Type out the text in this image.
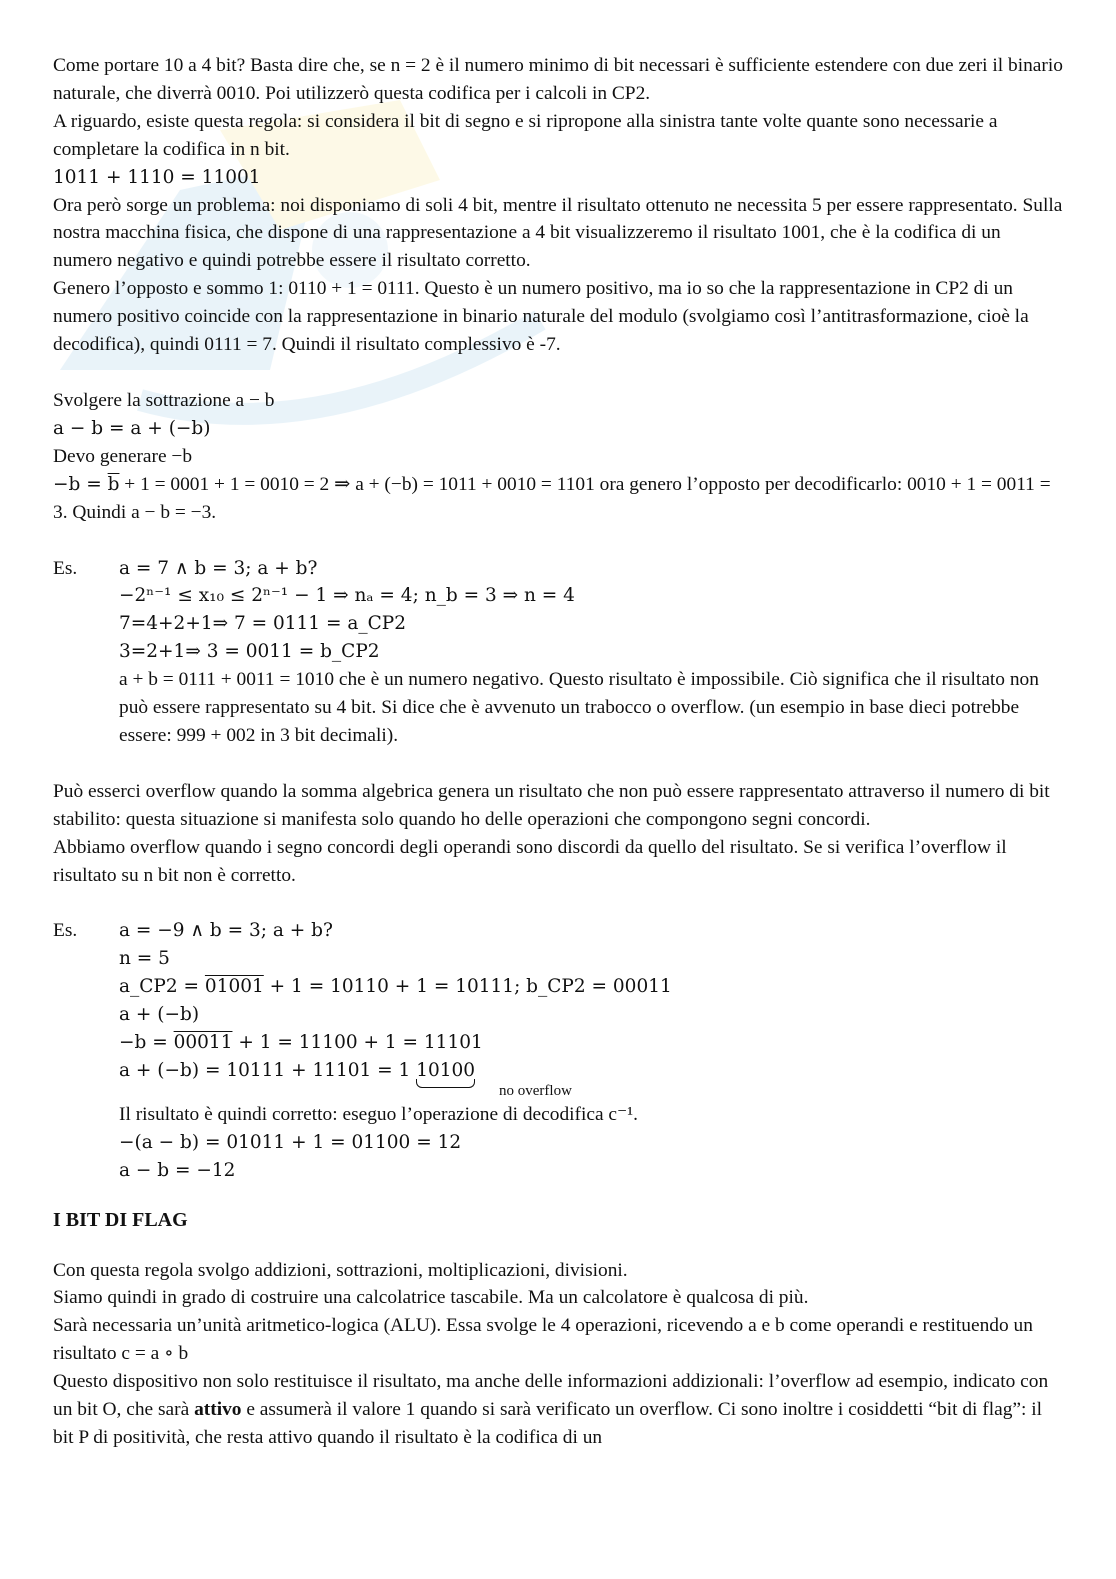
Come portare 10 a 4 bit? Basta dire che, se n = 2 è il numero minimo di bit necessari è sufficiente estendere con due zeri il binario naturale, che diverrà 0010. Poi utilizzerò questa codifica per i calcoli in CP2.

A riguardo, esiste questa regola: si considera il bit di segno e si ripropone alla sinistra tante volte quante sono necessarie a completare la codifica in n bit.

1011 + 1110 = 11001

Ora però sorge un problema: noi disponiamo di soli 4 bit, mentre il risultato ottenuto ne necessita 5 per essere rappresentato. Sulla nostra macchina fisica, che dispone di una rappresentazione a 4 bit visualizzeremo il risultato 1001, che è la codifica di un numero negativo e quindi potrebbe essere il risultato corretto.

Genero l’opposto e sommo 1: 0110 + 1 = 0111. Questo è un numero positivo, ma io so che la rappresentazione in CP2 di un numero positivo coincide con la rappresentazione in binario naturale del modulo (svolgiamo così l’antitrasformazione, cioè la decodifica), quindi 0111 = 7. Quindi il risultato complessivo è -7.

Svolgere la sottrazione a − b

a − b = a + (−b)

Devo generare −b

$-b = \overline{b} + 1 = 0001 + 1 = 0010 = 2$ ⇒ a + (−b) = 1011 + 0010 = 1101 ora genero l’opposto per decodificarlo: 0010 + 1 = 0011 = 3. Quindi a − b = −3.

Es.	a = 7 ∧ b = 3; a + b?

−2ⁿ⁻¹ ≤ x₁₀ ≤ 2ⁿ⁻¹ − 1 ⇒ nₐ = 4; n_b = 3 ⇒ n = 4

7=4+2+1⇒ 7 = 0111 = a_CP2

3=2+1⇒ 3 = 0011 = b_CP2

a + b = 0111 + 0011 = 1010 che è un numero negativo. Questo risultato è impossibile. Ciò significa che il risultato non può essere rappresentato su 4 bit. Si dice che è avvenuto un trabocco o overflow. (un esempio in base dieci potrebbe essere: 999 + 002 in 3 bit decimali).

Può esserci overflow quando la somma algebrica genera un risultato che non può essere rappresentato attraverso il numero di bit stabilito: questa situazione si manifesta solo quando ho delle operazioni che compongono segni concordi.

Abbiamo overflow quando i segno concordi degli operandi sono discordi da quello del risultato. Se si verifica l’overflow il risultato su n bit non è corretto.

Es.	a = −9 ∧ b = 3; a + b?

n = 5

a_CP2 = 01001 + 1 = 10110 + 1 = 10111; b_CP2 = 00011

a + (−b)

−b = 00011 + 1 = 11100 + 1 = 11101

a + (−b) = 10111 + 11101 = 1 10100

no overflow

Il risultato è quindi corretto: eseguo l’operazione di decodifica c⁻¹.

−(a − b) = 01011 + 1 = 01100 = 12

a − b = −12

I BIT DI FLAG

Con questa regola svolgo addizioni, sottrazioni, moltiplicazioni, divisioni.

Siamo quindi in grado di costruire una calcolatrice tascabile. Ma un calcolatore è qualcosa di più.

Sarà necessaria un’unità aritmetico-logica (ALU). Essa svolge le 4 operazioni, ricevendo a e b come operandi e restituendo un risultato c = a ∘ b

Questo dispositivo non solo restituisce il risultato, ma anche delle informazioni addizionali: l’overflow ad esempio, indicato con un bit O, che sarà attivo e assumerà il valore 1 quando si sarà verificato un overflow. Ci sono inoltre i cosiddetti “bit di flag”: il bit P di positività, che resta attivo quando il risultato è la codifica di un
